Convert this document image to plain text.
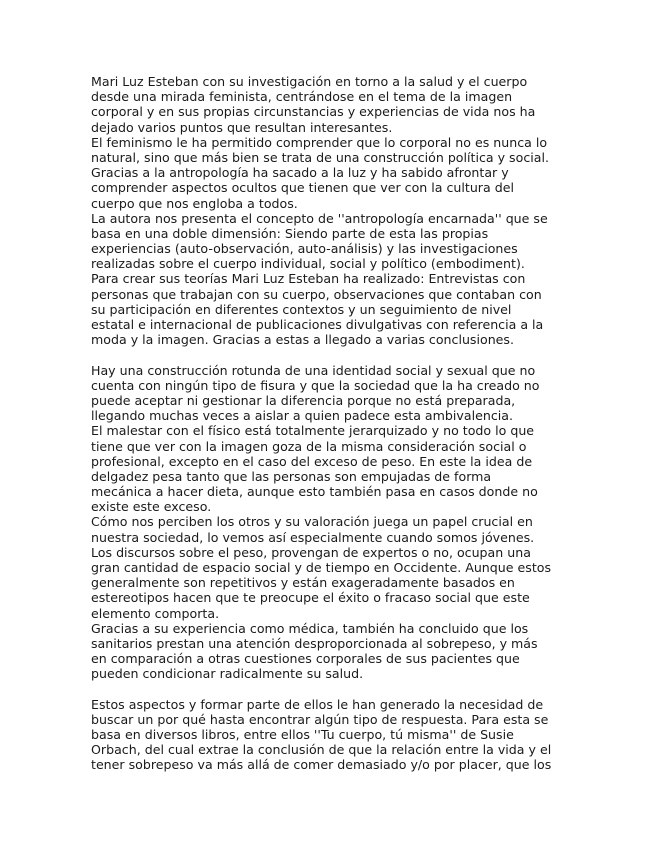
Mari Luz Esteban con su investigación en torno a la salud y el cuerpo
desde una mirada feminista, centrándose en el tema de la imagen
corporal y en sus propias circunstancias y experiencias de vida nos ha
dejado varios puntos que resultan interesantes.
El feminismo le ha permitido comprender que lo corporal no es nunca lo
natural, sino que más bien se trata de una construcción política y social.
Gracias a la antropología ha sacado a la luz y ha sabido afrontar y
comprender aspectos ocultos que tienen que ver con la cultura del
cuerpo que nos engloba a todos.
La autora nos presenta el concepto de ''antropología encarnada'' que se
basa en una doble dimensión: Siendo parte de esta las propias
experiencias (auto-observación, auto-análisis) y las investigaciones
realizadas sobre el cuerpo individual, social y político (embodiment).
Para crear sus teorías Mari Luz Esteban ha realizado: Entrevistas con
personas que trabajan con su cuerpo, observaciones que contaban con
su participación en diferentes contextos y un seguimiento de nivel
estatal e internacional de publicaciones divulgativas con referencia a la
moda y la imagen. Gracias a estas a llegado a varias conclusiones.
Hay una construcción rotunda de una identidad social y sexual que no
cuenta con ningún tipo de fisura y que la sociedad que la ha creado no
puede aceptar ni gestionar la diferencia porque no está preparada,
llegando muchas veces a aislar a quien padece esta ambivalencia.
El malestar con el físico está totalmente jerarquizado y no todo lo que
tiene que ver con la imagen goza de la misma consideración social o
profesional, excepto en el caso del exceso de peso. En este la idea de
delgadez pesa tanto que las personas son empujadas de forma
mecánica a hacer dieta, aunque esto también pasa en casos donde no
existe este exceso.
Cómo nos perciben los otros y su valoración juega un papel crucial en
nuestra sociedad, lo vemos así especialmente cuando somos jóvenes.
Los discursos sobre el peso, provengan de expertos o no, ocupan una
gran cantidad de espacio social y de tiempo en Occidente. Aunque estos
generalmente son repetitivos y están exageradamente basados en
estereotipos hacen que te preocupe el éxito o fracaso social que este
elemento comporta.
Gracias a su experiencia como médica, también ha concluido que los
sanitarios prestan una atención desproporcionada al sobrepeso, y más
en comparación a otras cuestiones corporales de sus pacientes que
pueden condicionar radicalmente su salud.
Estos aspectos y formar parte de ellos le han generado la necesidad de
buscar un por qué hasta encontrar algún tipo de respuesta. Para esta se
basa en diversos libros, entre ellos ''Tu cuerpo, tú misma'' de Susie
Orbach, del cual extrae la conclusión de que la relación entre la vida y el
tener sobrepeso va más allá de comer demasiado y/o por placer, que los
